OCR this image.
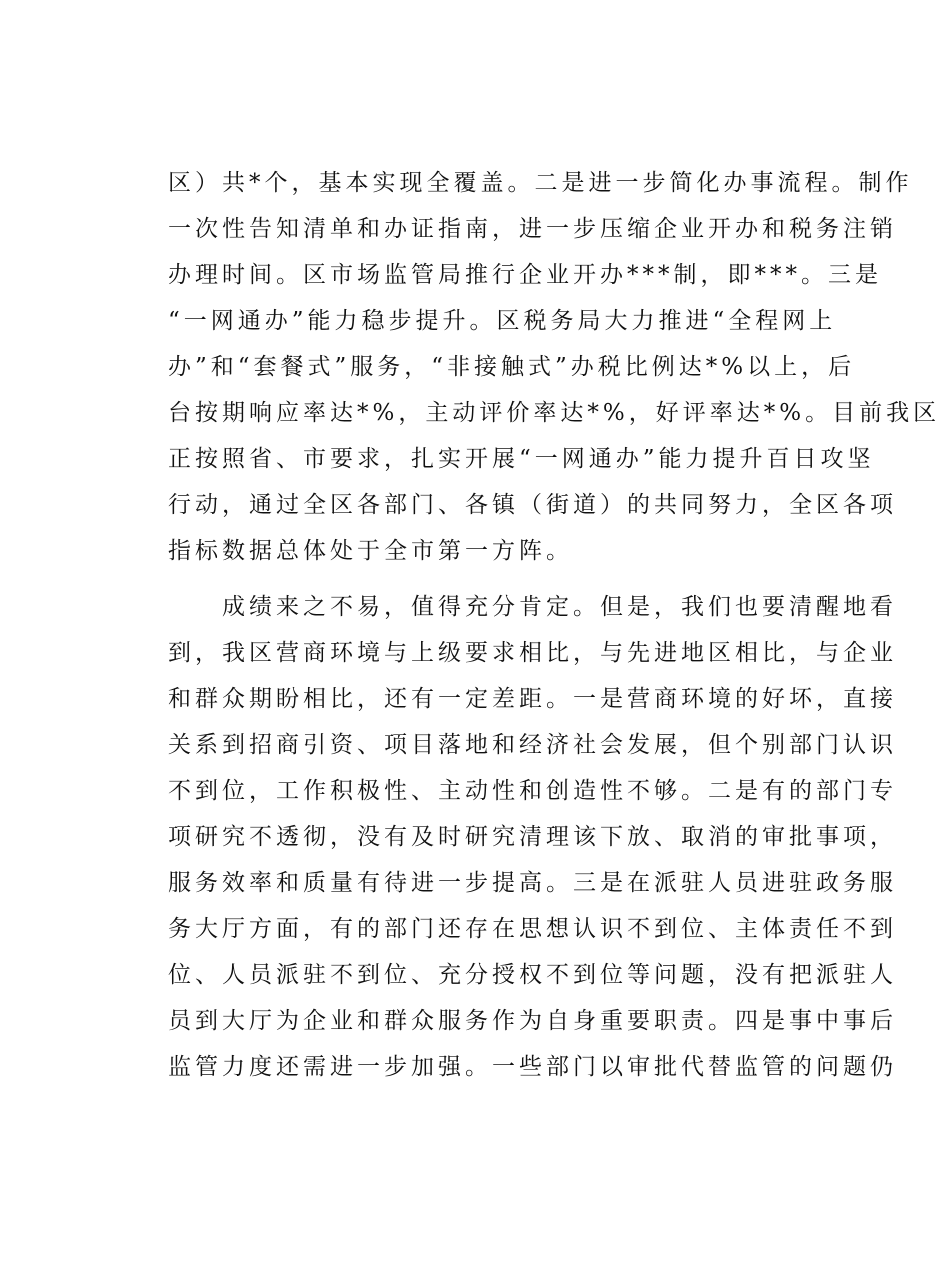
区）共*个，基本实现全覆盖。二是进一步简化办事流程。制作
一次性告知清单和办证指南，进一步压缩企业开办和税务注销
办理时间。区市场监管局推行企业开办***制，即***。三是
“一网通办”能力稳步提升。区税务局大力推进“全程网上
办”和“套餐式”服务，“非接触式”办税比例达*%以上，后
台按期响应率达*%，主动评价率达*%，好评率达*%。目前我区
正按照省、市要求，扎实开展“一网通办”能力提升百日攻坚
行动，通过全区各部门、各镇（街道）的共同努力，全区各项
指标数据总体处于全市第一方阵。
成绩来之不易，值得充分肯定。但是，我们也要清醒地看
到，我区营商环境与上级要求相比，与先进地区相比，与企业
和群众期盼相比，还有一定差距。一是营商环境的好坏，直接
关系到招商引资、项目落地和经济社会发展，但个别部门认识
不到位，工作积极性、主动性和创造性不够。二是有的部门专
项研究不透彻，没有及时研究清理该下放、取消的审批事项，
服务效率和质量有待进一步提高。三是在派驻人员进驻政务服
务大厅方面，有的部门还存在思想认识不到位、主体责任不到
位、人员派驻不到位、充分授权不到位等问题，没有把派驻人
员到大厅为企业和群众服务作为自身重要职责。四是事中事后
监管力度还需进一步加强。一些部门以审批代替监管的问题仍
